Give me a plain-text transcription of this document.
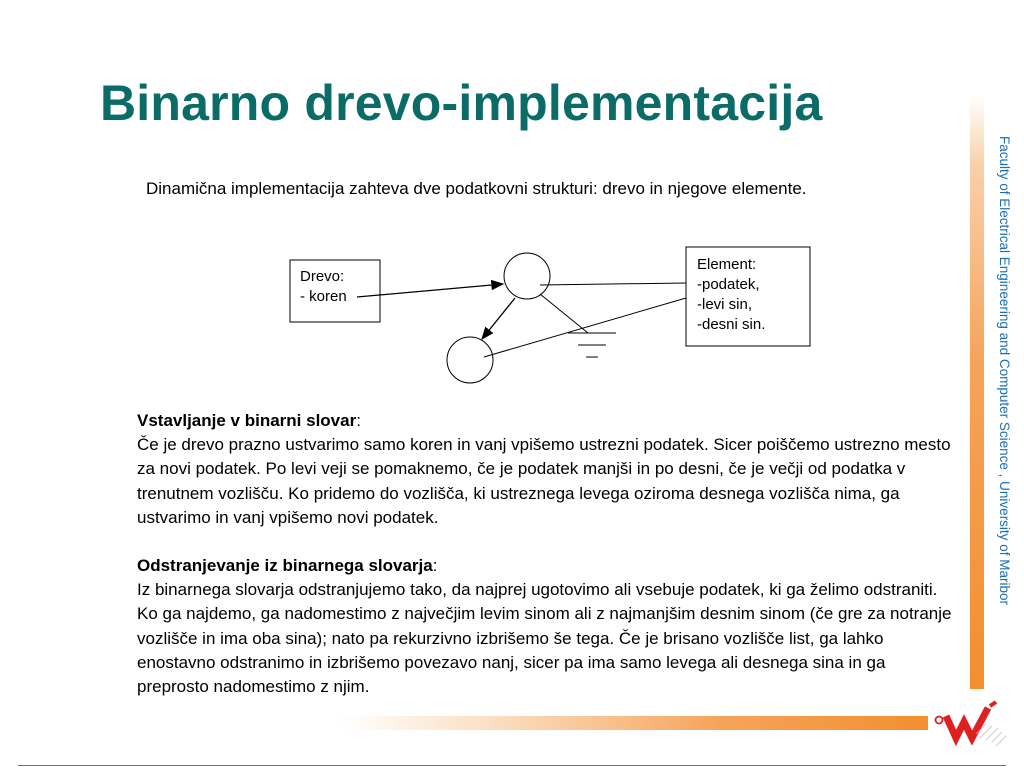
Binarno drevo-implementacija
Dinamična implementacija zahteva dve podatkovni strukturi: drevo in njegove elemente.
Drevo:
- koren
Element:
-podatek,
-levi sin,
-desni sin.

Vstavljanje v binarni slovar:

Če je drevo prazno ustvarimo samo koren in vanj vpišemo ustrezni podatek. Sicer poiščemo ustrezno mesto za novi podatek. Po levi veji se pomaknemo, če je podatek manjši in po desni, če je večji od podatka v trenutnem vozlišču. Ko pridemo do vozlišča, ki ustreznega levega oziroma desnega vozlišča nima, ga ustvarimo in vanj vpišemo novi podatek.

Odstranjevanje iz binarnega slovarja:

Iz binarnega slovarja odstranjujemo tako, da najprej ugotovimo ali vsebuje podatek, ki ga želimo odstraniti. Ko ga najdemo, ga nadomestimo z največjim levim sinom ali z najmanjšim desnim sinom (če gre za notranje vozlišče in ima oba sina); nato pa rekurzivno izbrišemo še tega. Če je brisano vozlišče list, ga lahko enostavno odstranimo in izbrišemo povezavo nanj, sicer pa ima samo levega ali desnega sina in ga preprosto nadomestimo z njim.

Faculty of Electrical Engineering and Computer Science , University of Maribor
